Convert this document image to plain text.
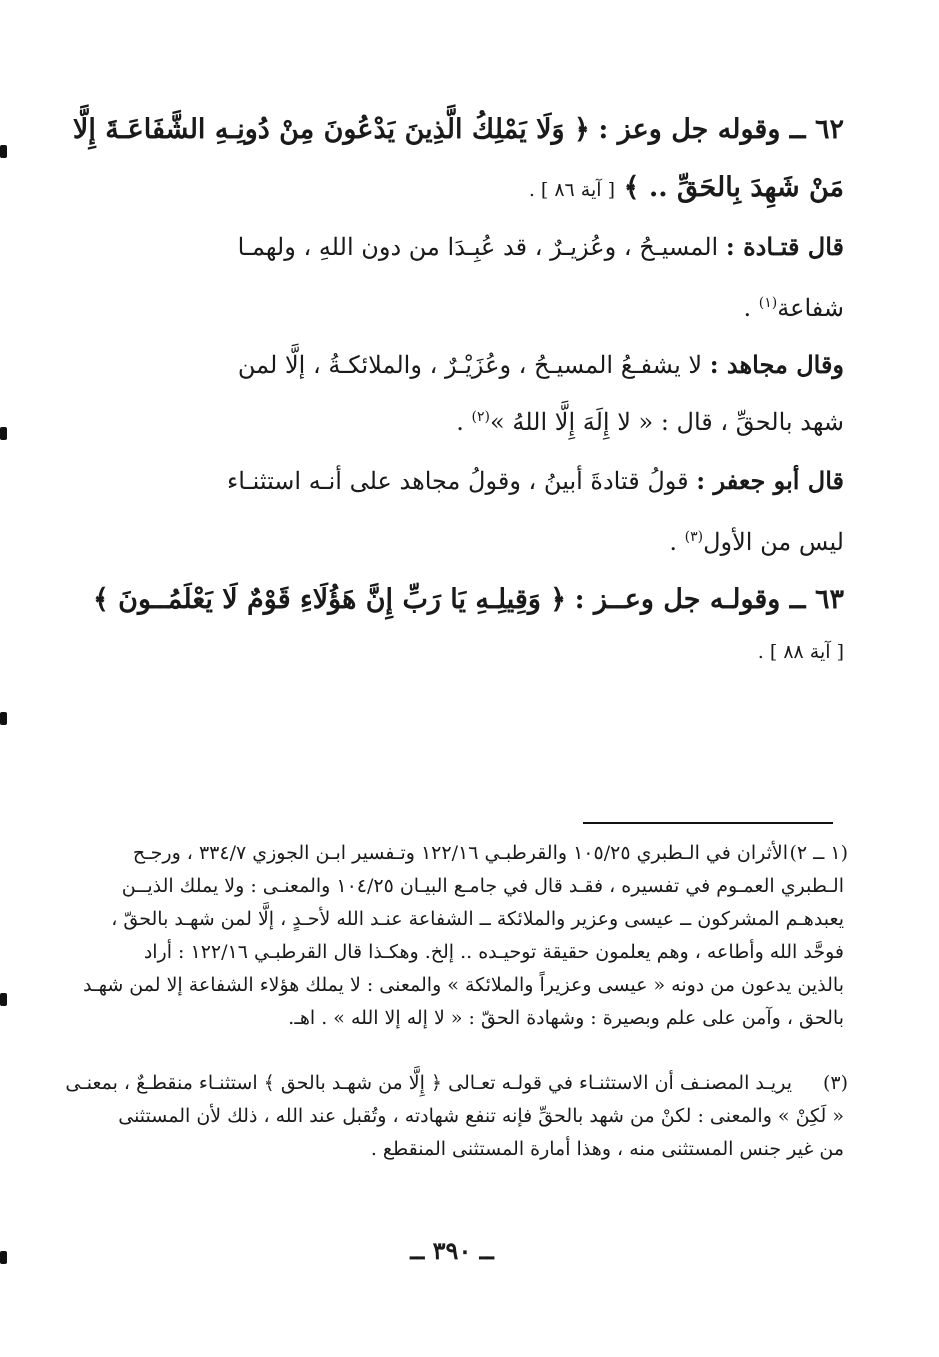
٦٢ ــ وقوله جل وعز : ﴿ وَلَا يَمْلِكُ الَّذِينَ يَدْعُونَ مِنْ دُونِـهِ الشَّفَاعَـةَ إِلَّا
مَنْ شَهِدَ بِالحَقِّ .. ﴾ [ آية ٨٦ ] .
قال قتـادة : المسيـحُ ، وعُزيـرٌ ، قد عُبِـدَا من دون اللهِ ، ولهمـا
شفاعة$^{(١)}$ .
وقال مجاهد : لا يشفـعُ المسيـحُ ، وعُزَيْـرٌ ، والملائكـةُ ، إلَّا لمن
شهد بالحقِّ ، قال : « لا إِلَهَ إِلَّا اللهُ »$^{(٢)}$ .
قال أبو جعفر : قولُ قتادةَ أبينُ ، وقولُ مجاهد على أنـه استثنـاء
ليس من الأول$^{(٣)}$ .
٦٣ ــ وقولـه جل وعــز : ﴿ وَقِيلِـهِ يَا رَبِّ إِنَّ هَؤُلَاءِ قَوْمٌ لَا يَعْلَمُــونَ ﴾
[ آية ٨٨ ] .
(١ ــ ٢)
الأثران في الـطبري ١٠٥/٢٥ والقرطبـي ١٢٢/١٦ وتـفسير ابـن الجوزي ٣٣٤/٧ ، ورجـح
الـطبري العمـوم في تفسيره ، فقـد قال في جامـع البيـان ١٠٤/٢٥ والمعنـى : ولا يملك الذيــن
يعبدهـم المشركون ــ عيسى وعزير والملائكة ــ الشفاعة عنـد الله لأحـدٍ ، إلَّا لمن شهـد بالحقّ ،
فوحَّد الله وأطاعه ، وهم يعلمون حقيقة توحيـده .. إلخ. وهكـذا قال القرطبـي ١٢٢/١٦ : أراد
بالذين يدعون من دونه « عيسى وعزيراً والملائكة » والمعنى : لا يملك هؤلاء الشفاعة إلا لمن شهـد
بالحق ، وآمن على علم وبصيرة : وشهادة الحقّ : « لا إله إلا الله » . اهـ.
(٣)
يريـد المصنـف أن الاستثنـاء في قولـه تعـالى ﴿ إِلَّا من شهـد بالحق ﴾ استثنـاء منقطـعٌ ، بمعنـى
« لَكِنْ » والمعنى : لكنْ من شهد بالحقِّ فإنه تنفع شهادته ، وتُقبل عند الله ، ذلك لأن المستثنى
من غير جنس المستثنى منه ، وهذا أمارة المستثنى المنقطع .
ــ ٣٩٠ ــ
